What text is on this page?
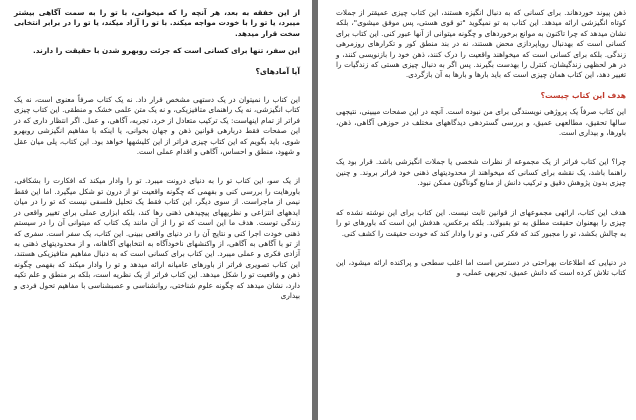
از این خفقه به بعد، هر آنچه را که میخوانی، با تو را به سمت آگاهی بیشتر میبرد، یا تو را با خودت مواجه میکند. با تو را آزاد میکند، یا تو را در برابر انتخابی سخت قرار میدهد.

این سفر، تنها برای کسانی است که جرئت روبهرو شدن با حقیقت را دارند.

آیا آمادهای؟

این کتاب را نمیتوان در یک دستهی مشخص قرار داد. نه یک کتاب صرفاً معنوی است، نه یک کتاب انگیزشی، نه یک راهنمای متافیزیکی، و نه یک متن علمی خشک و منطقی. این کتاب چیزی فراتر از تمام اینهاست: یک ترکیب متعادل از خرد، تجربه، آگاهی، و عمل. اگر انتظار داری که در این صفحات فقط دربارهی قوانین ذهن و جهان بخوانی، یا اینکه با مفاهیم انگیزشی روبهرو شوی، باید بگویم که این کتاب چیزی فراتر از این کلیشهها خواهد بود. این کتاب، پلی میان عقل و شهود، منطق و احساس، آگاهی و اقدام عملی است.

از یک سو، این کتاب تو را به دنیای درونت میبرد. تو را وادار میکند که افکارت را بشکافی، باورهایت را بررسی کنی و بفهمی که چگونه واقعیت تو از درون تو شکل میگیرد. اما این فقط نیمی از ماجراست. از سوی دیگر، این کتاب فقط یک تحلیل فلسفی نیست که تو را در میان ایدههای انتزاعی و نظریههای پیچیدهی ذهنی رها کند، بلکه ابزاری عملی برای تغییر واقعی در زندگی توست. هدف ما این است که تو را از آن مانند یک کتاب که میتوانی آن را در سیستم ذهنی خودت اجرا کنی و نتایج آن را در دنیای واقعی ببینی. این کتاب، یک سفر است. سفری که از تو با آگاهی به آگاهی، از واکنشهای ناخودآگاه به انتخابهای آگاهانه، و از محدودیتهای ذهنی به آزادی فکری و عملی میبرد. این کتاب برای کسانی است که به دنبال مفاهیم متافیزیکی هستند، این کتاب تصویری فراتر از باورهای عامیانه ارائه میدهد و تو را وادار میکند که بفهمی چگونه ذهن و واقعیت تو را شکل میدهد. این کتاب فراتر از یک نظریه است، بلکه بر منطق و علم تکیه دارد، نشان میدهد که چگونه علوم شناختی، روانشناسی و عصبشناسی با مفاهیم تحول فردی و بیداری

ذهن پیوند خوردهاند. برای کسانی که به دنبال انگیزه هستند، این کتاب چیزی عمیقتر از جملات کوتاه انگیزشی ارائه میدهد. این کتاب به تو نمیگوید "تو قوی هستی، پس موفق میشوی"، بلکه نشان میدهد که چرا تاکنون به موانع برخوردهای و چگونه میتوانی از آنها عبور کنی. این کتاب برای کسانی است که بهدنبال رویاپردازی محض هستند، نه در بند منطق کور و تکرارهای روزمرهی زندگی. بلکه برای کسانی است که میخواهند واقعیت را درک کنند، ذهن خود را بازنویسی کنند، و در هر لحظهی زندگیشان، کنترل را بهدست بگیرند. پس اگر به دنبال چیزی هستی که زندگیات را تغییر دهد، این کتاب همان چیزی است که باید بارها و بارها به آن بازگردی.

هدف این کتاب چیست؟

این کتاب صرفاً یک پروژهی نویسندگی برای من نبوده است. آنچه در این صفحات میبینی، نتیجهی سالها تحقیق، مطالعهی عمیق، و بررسی گستردهی دیدگاههای مختلف در حوزهی آگاهی، ذهن، باورها، و بیداری است.

چرا؟ این کتاب فراتر از یک مجموعه از نظرات شخصی یا جملات انگیزشی باشد. قرار بود یک راهنما باشد، یک نقشه برای کسانی که میخواهند از محدودیتهای ذهنی خود فراتر بروند. و چنین چیزی بدون پژوهش دقیق و ترکیب دانش از منابع گوناگون ممکن نبود.

هدف این کتاب، ارائهی مجموعهای از قوانین ثابت نیست. این کتاب برای این نوشته نشده که چیزی را بهعنوان حقیقت مطلق به تو بقبولاند. بلکه برعکس، هدفش این است که باورهای تو را به چالش بکشد، تو را مجبور کند که فکر کنی، و تو را وادار کند که خودت حقیقت را کشف کنی.

در دنیایی که اطلاعات بهراحتی در دسترس است اما اغلب سطحی و پراکنده ارائه میشود، این کتاب تلاش کرده است که دانش عمیق، تجربهی عملی، و
